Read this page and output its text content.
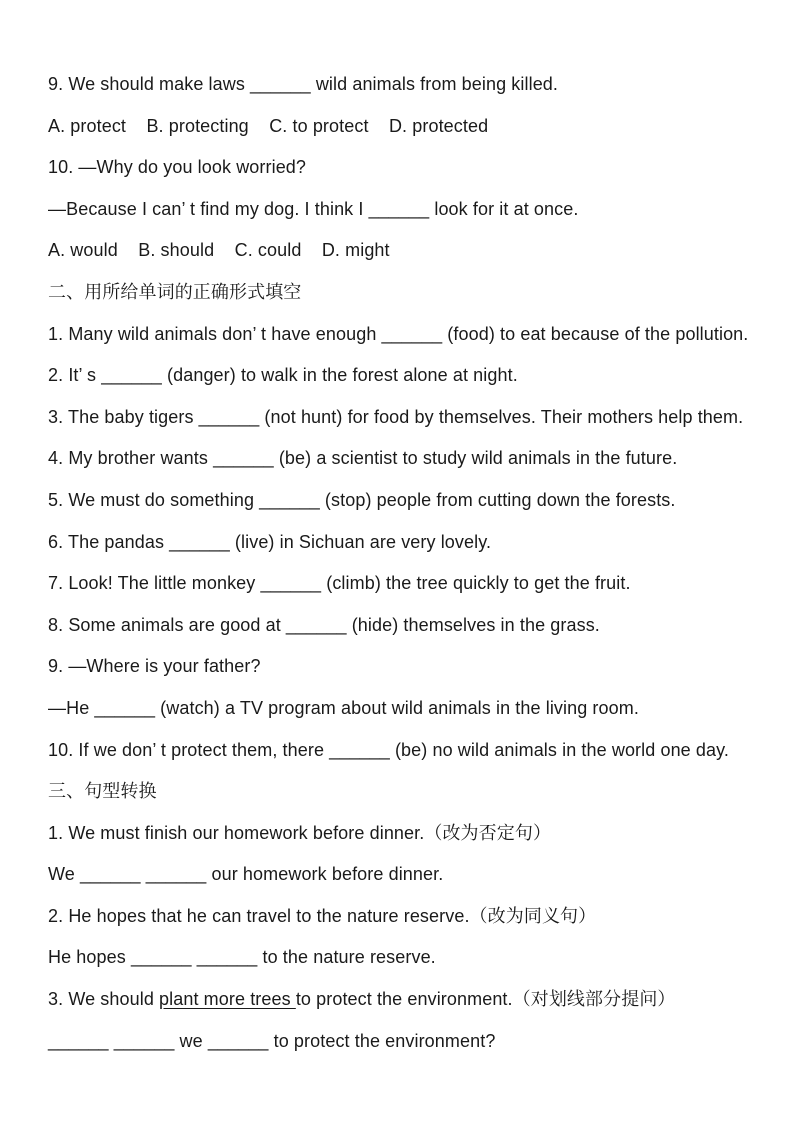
9. We should make laws ______ wild animals from being killed.

A. protect    B. protecting    C. to protect    D. protected

10. —Why do you look worried?

—Because I can’ t find my dog. I think I ______ look for it at once.

A. would    B. should    C. could    D. might

二、用所给单词的正确形式填空

1. Many wild animals don’ t have enough ______ (food) to eat because of the pollution.

2. It’ s ______ (danger) to walk in the forest alone at night.

3. The baby tigers ______ (not hunt) for food by themselves. Their mothers help them.

4. My brother wants ______ (be) a scientist to study wild animals in the future.

5. We must do something ______ (stop) people from cutting down the forests.

6. The pandas ______ (live) in Sichuan are very lovely.

7. Look! The little monkey ______ (climb) the tree quickly to get the fruit.

8. Some animals are good at ______ (hide) themselves in the grass.

9. —Where is your father?

—He ______ (watch) a TV program about wild animals in the living room.

10. If we don’ t protect them, there ______ (be) no wild animals in the world one day.

三、句型转换

1. We must finish our homework before dinner.（改为否定句）

We ______ ______ our homework before dinner.

2. He hopes that he can travel to the nature reserve.（改为同义句）

He hopes ______ ______ to the nature reserve.

3. We should plant more trees to protect the environment.（对划线部分提问）

______ ______ we ______ to protect the environment?
